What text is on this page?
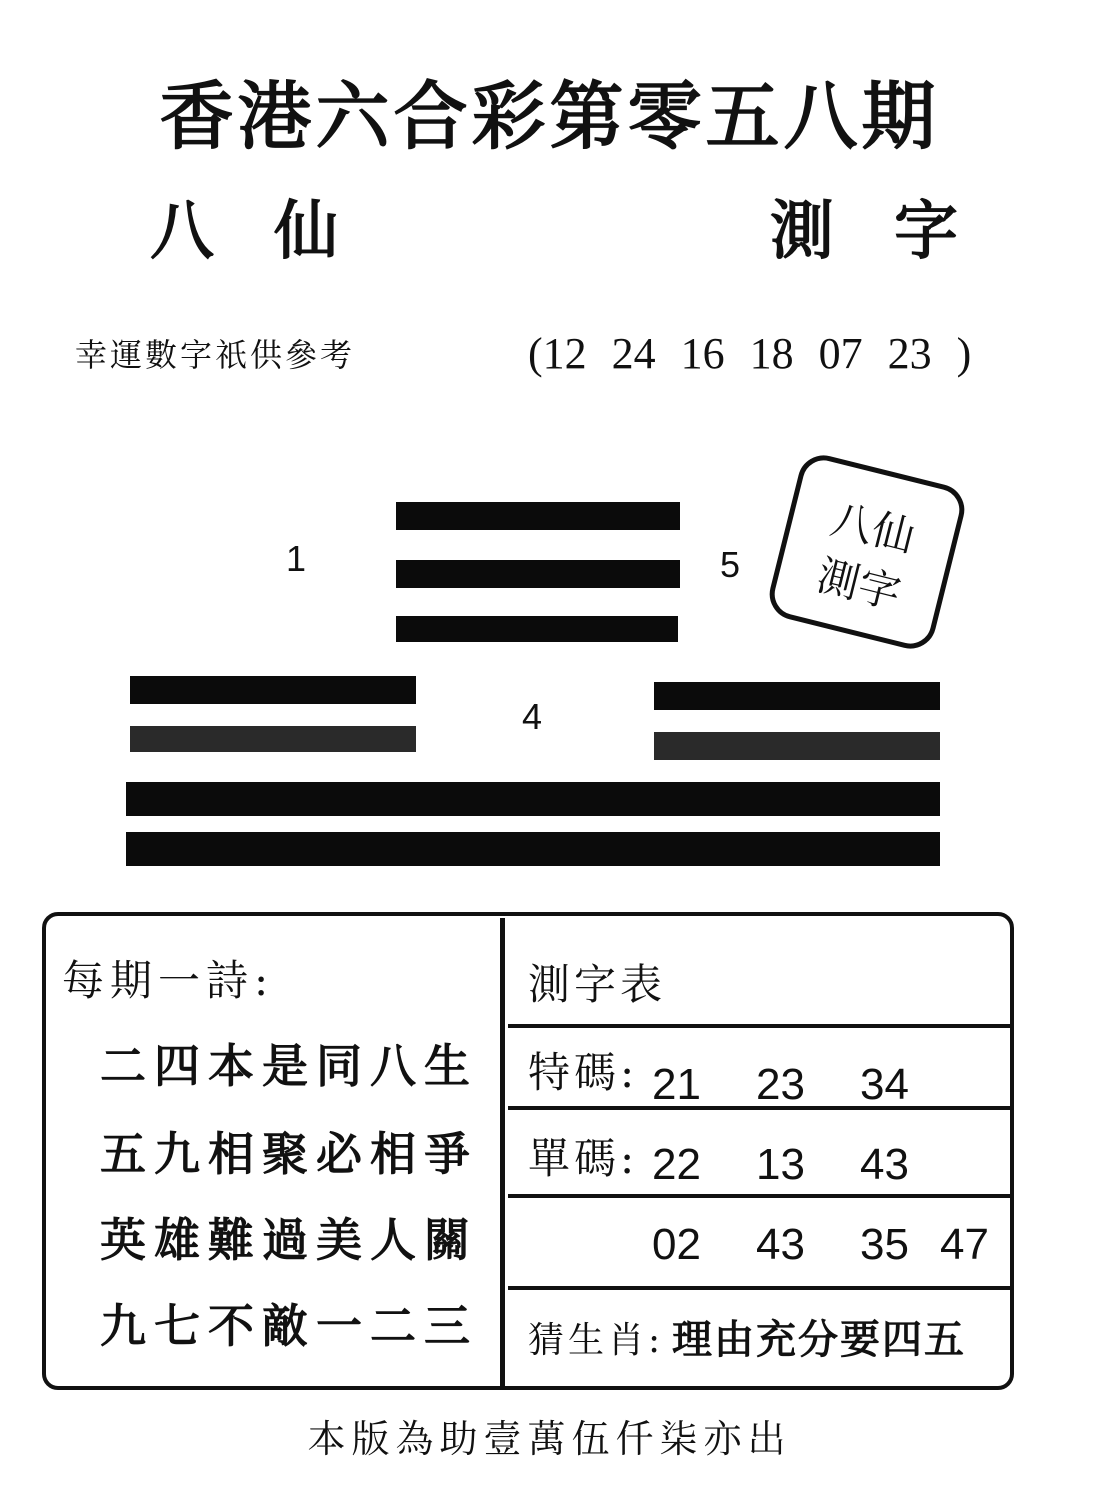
香港六合彩第零五八期
八仙	測字
幸運數字祇供參考	(12 24 16 18 07 23 )
1	5
4
八仙
測字
每期一詩:
二四本是同八生
五九相聚必相爭
英雄難過美人關
九七不敵一二三
測字表
特碼: 21 23 34
單碼: 22 13 43
02 43 35 47
猜生肖: 理由充分要四五
本版為助壹萬伍仟柒亦出
